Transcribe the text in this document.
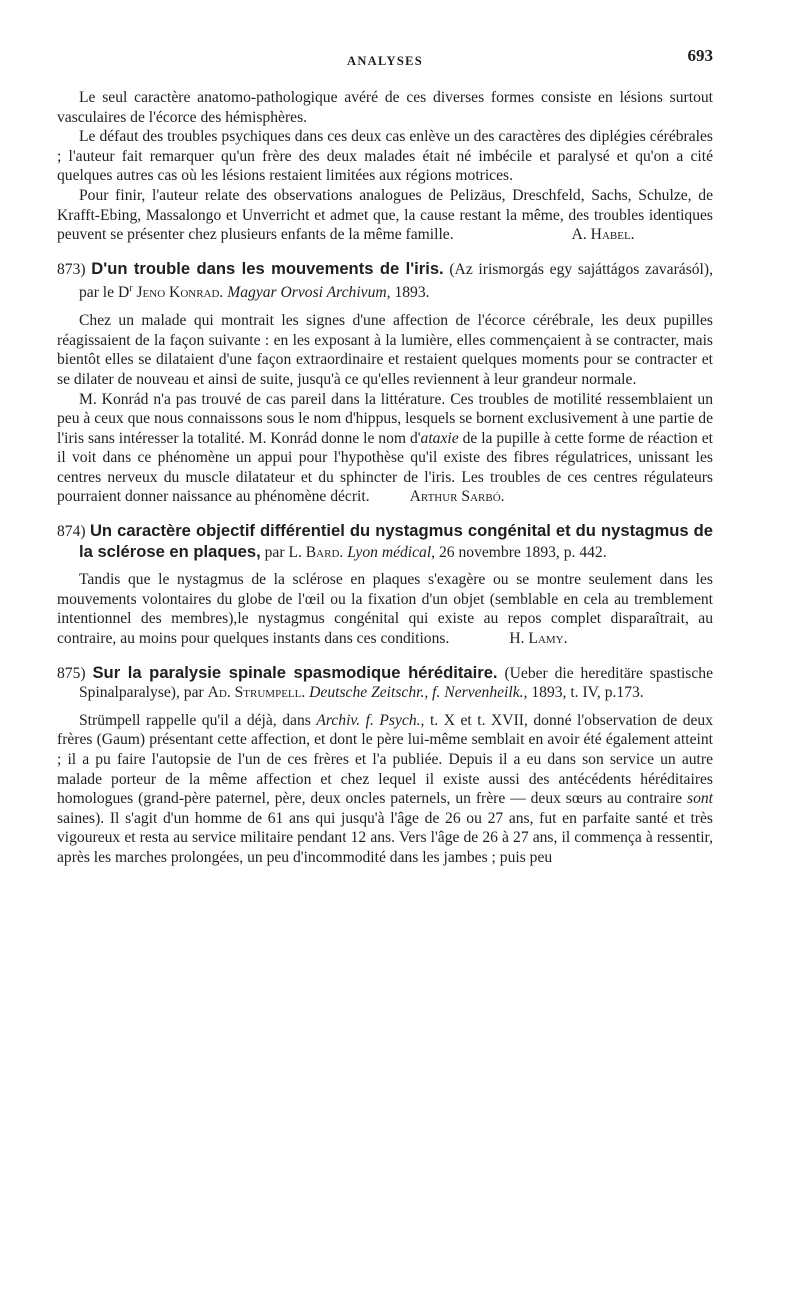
ANALYSES	693

Le seul caractère anatomo-pathologique avéré de ces diverses formes consiste en lésions surtout vasculaires de l'écorce des hémisphères.

Le défaut des troubles psychiques dans ces deux cas enlève un des caractères des diplégies cérébrales ; l'auteur fait remarquer qu'un frère des deux malades était né imbécile et paralysé et qu'on a cité quelques autres cas où les lésions restaient limitées aux régions motrices.

Pour finir, l'auteur relate des observations analogues de Pelizäus, Dreschfeld, Sachs, Schulze, de Krafft-Ebing, Massalongo et Unverricht et admet que, la cause restant la même, des troubles identiques peuvent se présenter chez plusieurs enfants de la même famille.	A. Habel.

873) D'un trouble dans les mouvements de l'iris. (Az irismorgás egy sajáttágos zavarásól), par le $D^r$ Jeno Konrad. Magyar Orvosi Archivum, 1893.

Chez un malade qui montrait les signes d'une affection de l'écorce cérébrale, les deux pupilles réagissaient de la façon suivante : en les exposant à la lumière, elles commençaient à se contracter, mais bientôt elles se dilataient d'une façon extraordinaire et restaient quelques moments pour se contracter et se dilater de nouveau et ainsi de suite, jusqu'à ce qu'elles reviennent à leur grandeur normale.

M. Konrád n'a pas trouvé de cas pareil dans la littérature. Ces troubles de motilité ressemblaient un peu à ceux que nous connaissons sous le nom d'hippus, lesquels se bornent exclusivement à une partie de l'iris sans intéresser la totalité. M. Konrád donne le nom d'ataxie de la pupille à cette forme de réaction et il voit dans ce phénomène un appui pour l'hypothèse qu'il existe des fibres régulatrices, unissant les centres nerveux du muscle dilatateur et du sphincter de l'iris. Les troubles de ces centres régulateurs pourraient donner naissance au phénomène décrit.	Arthur Sarbó.

874) Un caractère objectif différentiel du nystagmus congénital et du nystagmus de la sclérose en plaques, par L. Bard. Lyon médical, 26 novembre 1893, p. 442.

Tandis que le nystagmus de la sclérose en plaques s'exagère ou se montre seulement dans les mouvements volontaires du globe de l'œil ou la fixation d'un objet (semblable en cela au tremblement intentionnel des membres),le nystagmus congénital qui existe au repos complet disparaîtrait, au contraire, au moins pour quelques instants dans ces conditions.	H. Lamy.

875) Sur la paralysie spinale spasmodique héréditaire. (Ueber die hereditäre spastische Spinalparalyse), par Ad. Strumpell. Deutsche Zeitschr., f. Nervenheilk., 1893, t. IV, p.173.

Strümpell rappelle qu'il a déjà, dans Archiv. f. Psych., t. X et t. XVII, donné l'observation de deux frères (Gaum) présentant cette affection, et dont le père lui-même semblait en avoir été également atteint ; il a pu faire l'autopsie de l'un de ces frères et l'a publiée. Depuis il a eu dans son service un autre malade porteur de la même affection et chez lequel il existe aussi des antécédents héréditaires homologues (grand-père paternel, père, deux oncles paternels, un frère — deux sœurs au contraire sont saines). Il s'agit d'un homme de 61 ans qui jusqu'à l'âge de 26 ou 27 ans, fut en parfaite santé et très vigoureux et resta au service militaire pendant 12 ans. Vers l'âge de 26 à 27 ans, il commença à ressentir, après les marches prolongées, un peu d'incommodité dans les jambes ; puis peu
